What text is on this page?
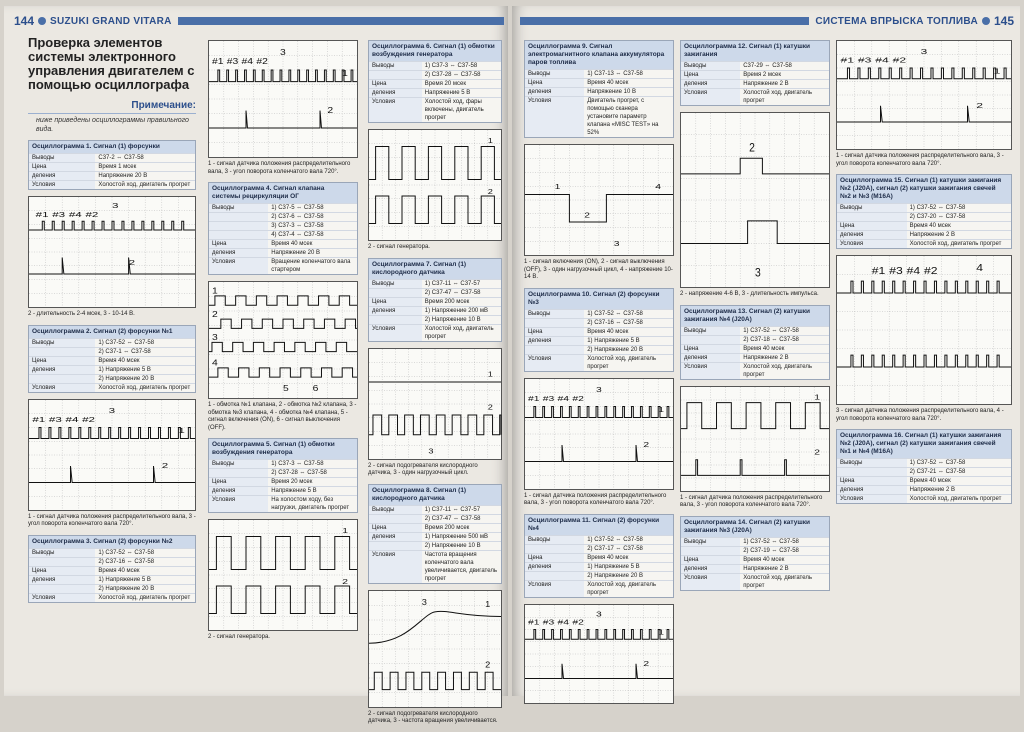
144 SUZUKI GRAND VITARA
Проверка элементов системы электронного управления двигателем с помощью осциллографа
Примечание:
ниже приведены осциллограммы правильного вида.
Осциллограмма 1. Сигнал (1) форсунки
Выводы	С37-2 ⇔ С37-58
Цена	Время 1 мсек
деления	Напряжение 20 В
Условия	Холостой ход, двигатель прогрет
#1 #3 #4 #2
3
2
2 - длительность 2-4 мсек, 3 - 10-14 В.
Осциллограмма 2. Сигнал (2) форсунки №1
Выводы	1) С37-52 ⇔ С37-58
2) С37-1 ⇔ С37-58
Цена	Время 40 мсек
деления	1) Напряжение 5 В
2) Напряжение 20 В
Условия	Холостой ход, двигатель прогрет
#1 #3 #4 #2
3
2
1
1 - сигнал датчика положения распределительного вала, 3 - угол поворота коленчатого вала 720°.
Осциллограмма 3. Сигнал (2) форсунки №2
Выводы	1) С37-52 ⇔ С37-58
2) С37-16 ⇔ С37-58
Цена	Время 40 мсек
деления	1) Напряжение 5 В
2) Напряжение 20 В
Условия	Холостой ход, двигатель прогрет
#1 #3 #4 #2
3
2
1
1 - сигнал датчика положения распределительного вала, 3 - угол поворота коленчатого вала 720°.
Осциллограмма 4. Сигнал клапана системы рециркуляции ОГ
Выводы	1) С37-5 ⇔ С37-58
2) С37-6 ⇔ С37-58
3) С37-3 ⇔ С37-58
4) С37-4 ⇔ С37-58
Цена	Время 40 мсек
деления	Напряжение 20 В
Условия	Вращение коленчатого вала стартером
1
2
3
4
5	6
1 - обмотка №1 клапана, 2 - обмотка №2 клапана, 3 - обмотка №3 клапана, 4 - обмотка №4 клапана, 5 - сигнал включения (ON), 6 - сигнал выключения (OFF).
Осциллограмма 5. Сигнал (1) обмотки возбуждения генератора
Выводы	1) С37-3 ⇔ С37-58
2) С37-28 ⇔ С37-58
Цена	Время 20 мсек
деления	Напряжение 5 В
Условия	На холостом ходу, без нагрузки, двигатель прогрет
1
2
2 - сигнал генератора.
Осциллограмма 6. Сигнал (1) обмотки возбуждения генератора
Выводы	1) С37-3 ⇔ С37-58
2) С37-28 ⇔ С37-58
Цена	Время 20 мсек
деления	Напряжение 5 В
Условия	Холостой ход, фары включены, двигатель прогрет
1
2
2 - сигнал генератора.
Осциллограмма 7. Сигнал (1) кислородного датчика
Выводы	1) С37-11 ⇔ С37-57
2) С37-47 ⇔ С37-58
Цена	Время 200 мсек
деления	1) Напряжение 200 мВ
2) Напряжение 10 В
Условия	Холостой ход, двигатель прогрет
1
2
3
2 - сигнал подогревателя кислородного датчика, 3 - один нагрузочный цикл.
Осциллограмма 8. Сигнал (1) кислородного датчика
Выводы	1) С37-11 ⇔ С37-57
2) С37-47 ⇔ С37-58
Цена	Время 200 мсек
деления	1) Напряжение 500 мВ
2) Напряжение 10 В
Условия	Частота вращения коленчатого вала увеличивается, двигатель прогрет
1
2
3
2 - сигнал подогревателя кислородного датчика, 3 - частота вращения увеличивается.
СИСТЕМА ВПРЫСКА ТОПЛИВА 145
Осциллограмма 9. Сигнал электромагнитного клапана аккумулятора паров топлива
Выводы	1) С37-13 ⇔ С37-58
Цена	Время 40 мсек
деления	Напряжение 10 В
Условия	Двигатель прогрет, с помощью сканера установите параметр клапана «MISC TEST» на 52%
1
2
3
4
1 - сигнал включения (ON), 2 - сигнал выключения (OFF), 3 - один нагрузочный цикл, 4 - напряжение 10-14 В.
Осциллограмма 10. Сигнал (2) форсунки №3
Выводы	1) С37-52 ⇔ С37-58
2) С37-16 ⇔ С37-58
Цена	Время 40 мсек
деления	1) Напряжение 5 В
2) Напряжение 20 В
Условия	Холостой ход, двигатель прогрет
#1 #3 #4 #2
3
2
1
1 - сигнал датчика положения распределительного вала, 3 - угол поворота коленчатого вала 720°.
Осциллограмма 11. Сигнал (2) форсунки №4
Выводы	1) С37-52 ⇔ С37-58
2) С37-17 ⇔ С37-58
Цена	Время 40 мсек
деления	1) Напряжение 5 В
2) Напряжение 20 В
Условия	Холостой ход, двигатель прогрет
#1 #3 #4 #2
3
2
1
Осциллограмма 12. Сигнал (1) катушки зажигания
Выводы	С37-29 ⇔ С37-58
Цена	Время 2 мсек
деления	Напряжение 2 В
Условия	Холостой ход, двигатель прогрет
2
3
2 - напряжение 4-6 В, 3 - длительность импульса.
Осциллограмма 13. Сигнал (2) катушки зажигания №4 (J20A)
Выводы	1) С37-52 ⇔ С37-58
2) С37-18 ⇔ С37-58
Цена	Время 40 мсек
деления	Напряжение 2 В
Условия	Холостой ход, двигатель прогрет
1
2
1 - сигнал датчика положения распределительного вала, 3 - угол поворота коленчатого вала 720°.
Осциллограмма 14. Сигнал (2) катушки зажигания №3 (J20A)
Выводы	1) С37-52 ⇔ С37-58
2) С37-19 ⇔ С37-58
Цена	Время 40 мсек
деления	Напряжение 2 В
Условия	Холостой ход, двигатель прогрет
#1 #3 #4 #2
3
2
1
1 - сигнал датчика положения распределительного вала, 3 - угол поворота коленчатого вала 720°.
Осциллограмма 15. Сигнал (1) катушки зажигания №2 (J20A), сигнал (2) катушки зажигания свечей №2 и №3 (M16A)
Выводы	1) С37-52 ⇔ С37-58
2) С37-20 ⇔ С37-58
Цена	Время 40 мсек
деления	Напряжение 2 В
Условия	Холостой ход, двигатель прогрет
#1 #3 #4 #2	4
3 - сигнал датчика положения распределительного вала, 4 - угол поворота коленчатого вала 720°.
Осциллограмма 16. Сигнал (1) катушки зажигания №2 (J20A), сигнал (2) катушки зажигания свечей №1 и №4 (M16A)
Выводы	1) С37-52 ⇔ С37-58
2) С37-21 ⇔ С37-58
Цена	Время 40 мсек
деления	Напряжение 2 В
Условия	Холостой ход, двигатель прогрет
